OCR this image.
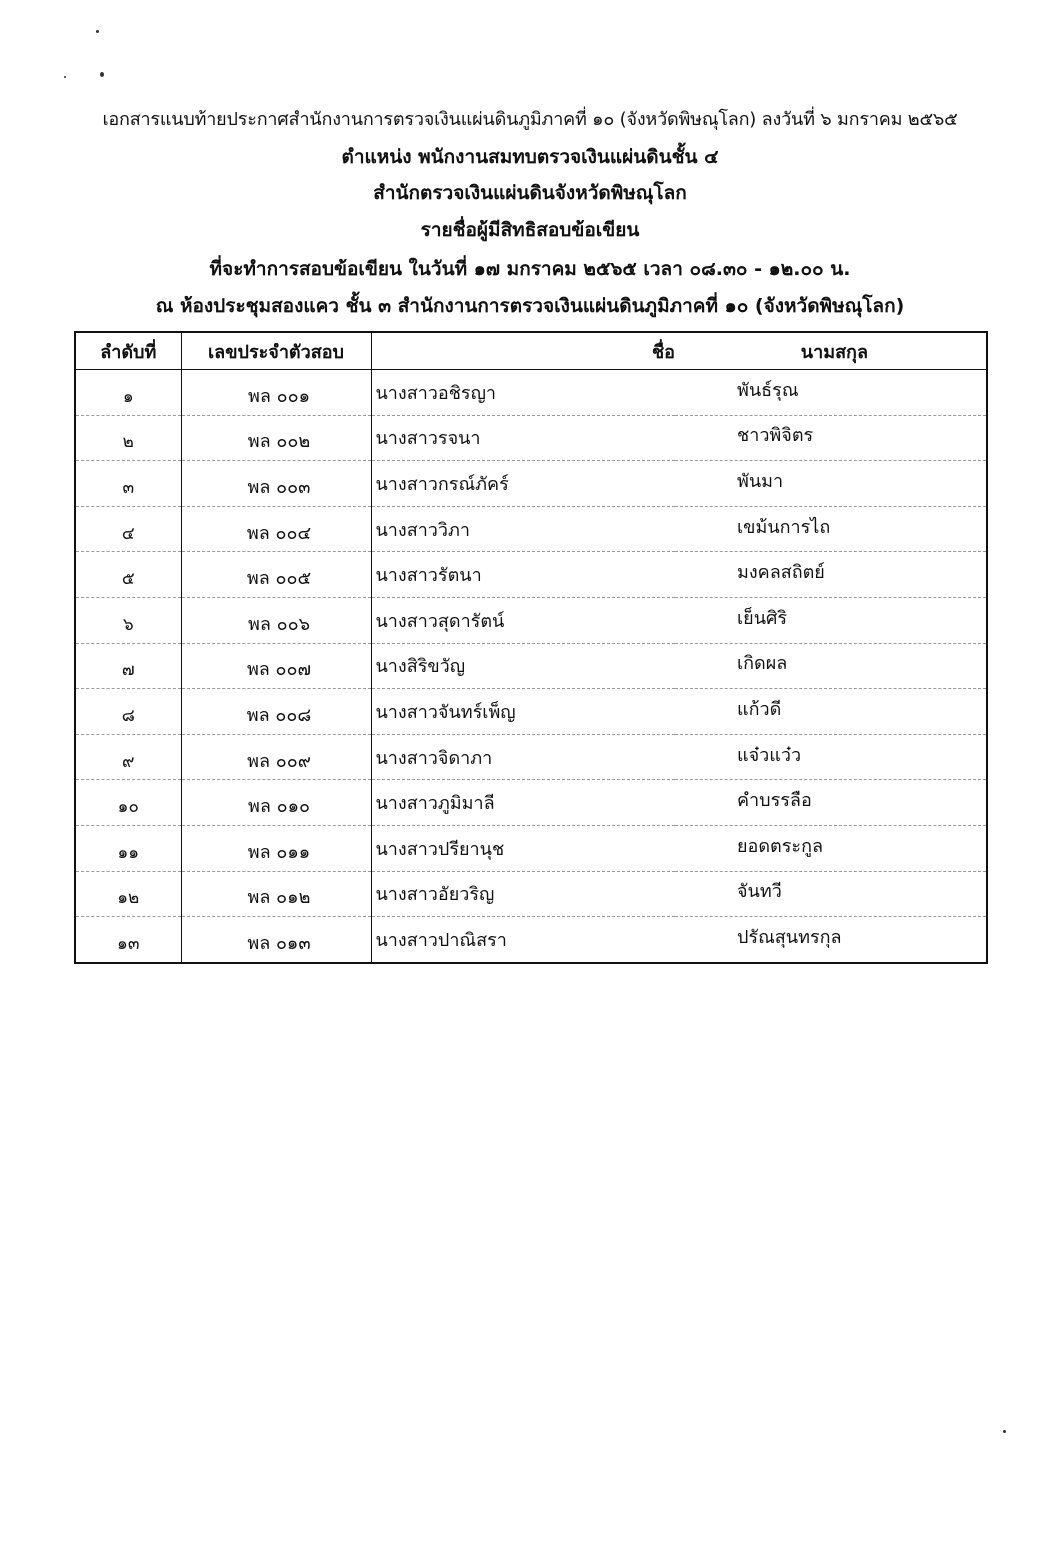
เอกสารแนบท้ายประกาศสำนักงานการตรวจเงินแผ่นดินภูมิภาคที่ ๑๐ (จังหวัดพิษณุโลก) ลงวันที่ ๖ มกราคม ๒๕๖๕
ตำแหน่ง พนักงานสมทบตรวจเงินแผ่นดินชั้น ๔
สำนักตรวจเงินแผ่นดินจังหวัดพิษณุโลก
รายชื่อผู้มีสิทธิสอบข้อเขียน
ที่จะทำการสอบข้อเขียน ในวันที่ ๑๗ มกราคม ๒๕๖๕ เวลา ๐๘.๓๐ - ๑๒.๐๐ น.
ณ ห้องประชุมสองแคว ชั้น ๓ สำนักงานการตรวจเงินแผ่นดินภูมิภาคที่ ๑๐ (จังหวัดพิษณุโลก)
ลำดับที่	เลขประจำตัวสอบ	ชื่อ	นามสกุล
๑	พล ๐๐๑	นางสาวอชิรญา	พันธ์รุณ
๒	พล ๐๐๒	นางสาวรจนา	ชาวพิจิตร
๓	พล ๐๐๓	นางสาวกรณ์ภัคร์	พันมา
๔	พล ๐๐๔	นางสาววิภา	เขม้นการไถ
๕	พล ๐๐๕	นางสาวรัตนา	มงคลสถิตย์
๖	พล ๐๐๖	นางสาวสุดารัตน์	เย็นศิริ
๗	พล ๐๐๗	นางสิริขวัญ	เกิดผล
๘	พล ๐๐๘	นางสาวจันทร์เพ็ญ	แก้วดี
๙	พล ๐๐๙	นางสาวจิดาภา	แจ๋วแว๋ว
๑๐	พล ๐๑๐	นางสาวภูมิมาลี	คำบรรลือ
๑๑	พล ๐๑๑	นางสาวปรียานุช	ยอดตระกูล
๑๒	พล ๐๑๒	นางสาวอัยวริญ	จันทวี
๑๓	พล ๐๑๓	นางสาวปาณิสรา	ปรัณสุนทรกุล
